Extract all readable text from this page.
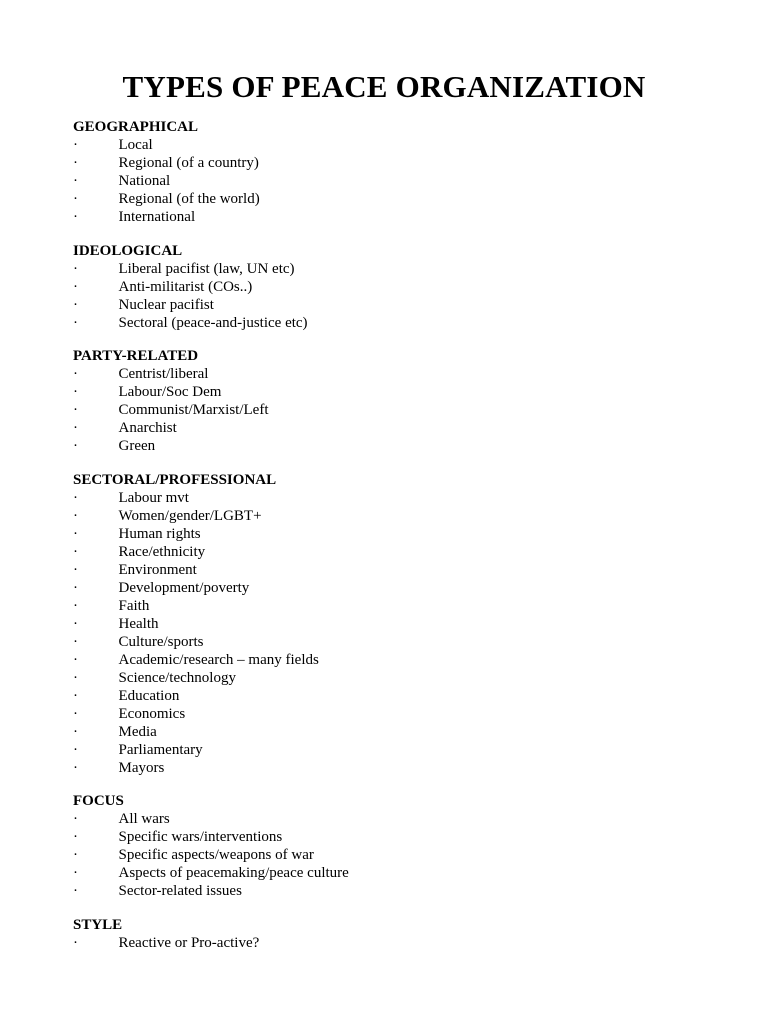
TYPES OF PEACE ORGANIZATION
GEOGRAPHICAL
·	Local
·	Regional (of a country)
·	National
·	Regional (of the world)
·	International
IDEOLOGICAL
·	Liberal pacifist (law, UN etc)
·	Anti-militarist (COs..)
·	Nuclear pacifist
·	Sectoral (peace-and-justice etc)
PARTY-RELATED
·	Centrist/liberal
·	Labour/Soc Dem
·	Communist/Marxist/Left
·	Anarchist
·	Green
SECTORAL/PROFESSIONAL
·	Labour mvt
·	Women/gender/LGBT+
·	Human rights
·	Race/ethnicity
·	Environment
·	Development/poverty
·	Faith
·	Health
·	Culture/sports
·	Academic/research – many fields
·	Science/technology
·	Education
·	Economics
·	Media
·	Parliamentary
·	Mayors
FOCUS
·	All wars
·	Specific wars/interventions
·	Specific aspects/weapons of war
·	Aspects of peacemaking/peace culture
·	Sector-related issues
STYLE
·	Reactive or Pro-active?
